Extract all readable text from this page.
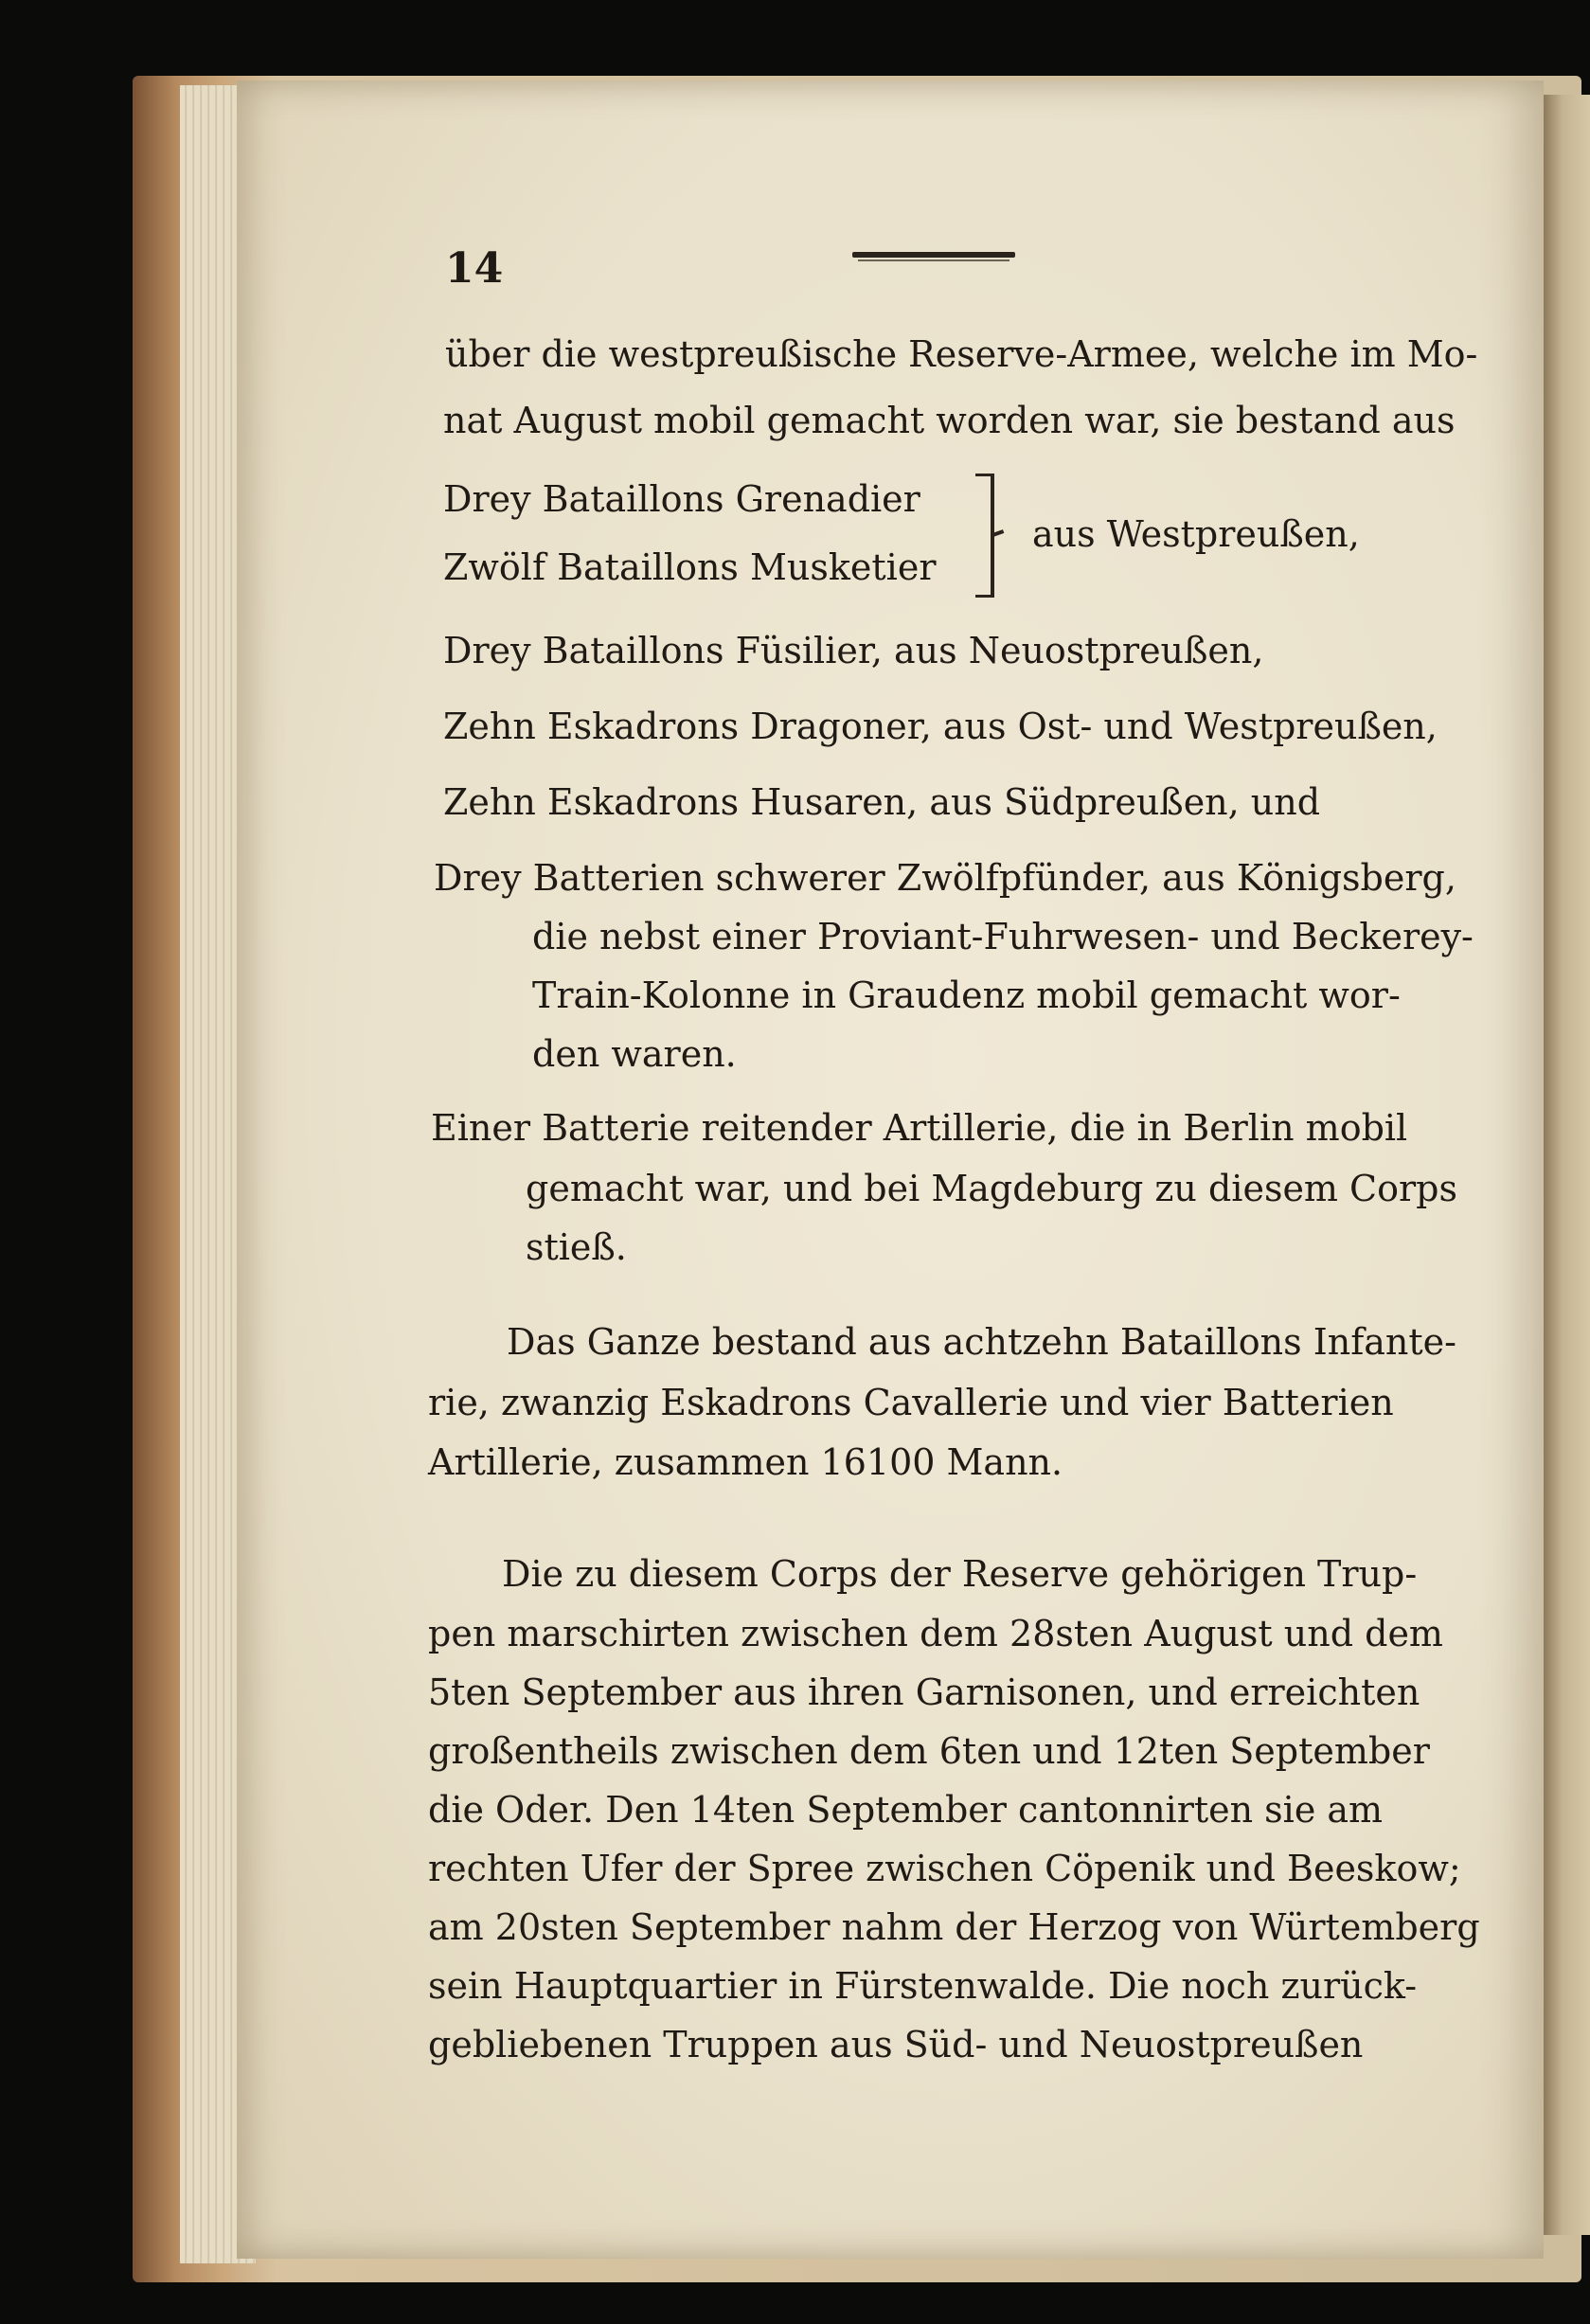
14
über die westpreußische Reserve-Armee, welche im Mo-
nat August mobil gemacht worden war, sie bestand aus
Drey Bataillons Grenadier
Zwölf Bataillons Musketier
aus Westpreußen,
Drey Bataillons Füsilier, aus Neuostpreußen,
Zehn Eskadrons Dragoner, aus Ost- und Westpreußen,
Zehn Eskadrons Husaren, aus Südpreußen, und
Drey Batterien schwerer Zwölfpfünder, aus Königsberg,
die nebst einer Proviant-Fuhrwesen- und Beckerey-
Train-Kolonne in Graudenz mobil gemacht wor-
den waren.
Einer Batterie reitender Artillerie, die in Berlin mobil
gemacht war, und bei Magdeburg zu diesem Corps
stieß.
Das Ganze bestand aus achtzehn Bataillons Infante-
rie, zwanzig Eskadrons Cavallerie und vier Batterien
Artillerie, zusammen 16100 Mann.
Die zu diesem Corps der Reserve gehörigen Trup-
pen marschirten zwischen dem 28sten August und dem
5ten September aus ihren Garnisonen, und erreichten
großentheils zwischen dem 6ten und 12ten September
die Oder. Den 14ten September cantonnirten sie am
rechten Ufer der Spree zwischen Cöpenik und Beeskow;
am 20sten September nahm der Herzog von Würtemberg
sein Hauptquartier in Fürstenwalde. Die noch zurück-
gebliebenen Truppen aus Süd- und Neuostpreußen
